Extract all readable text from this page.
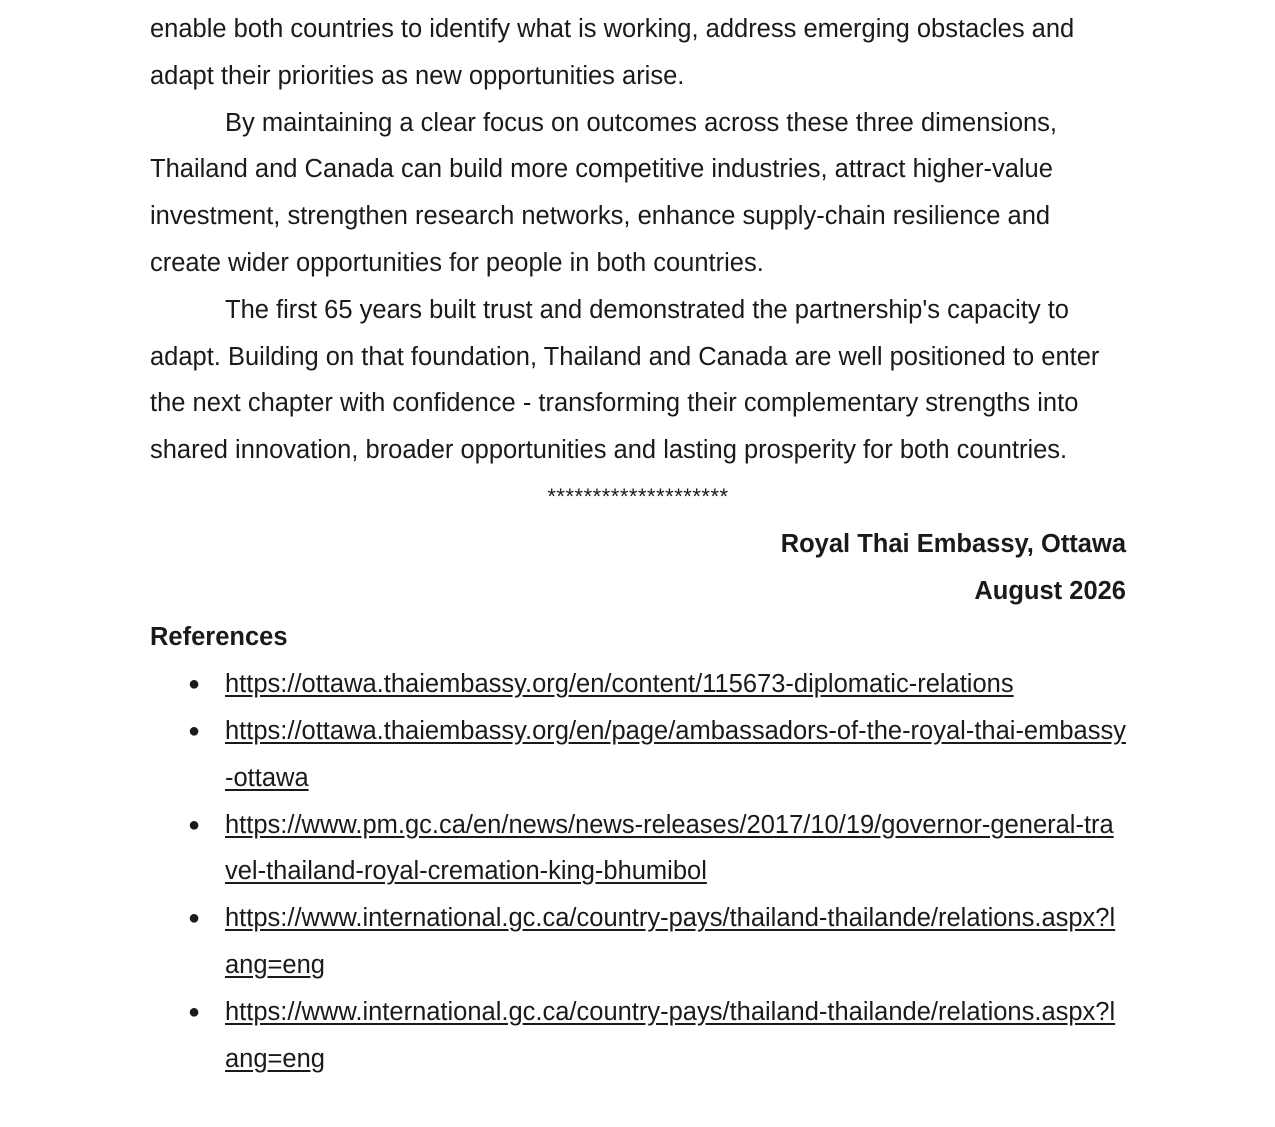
enable both countries to identify what is working, address emerging obstacles and adapt their priorities as new opportunities arise.

By maintaining a clear focus on outcomes across these three dimensions, Thailand and Canada can build more competitive industries, attract higher-value investment, strengthen research networks, enhance supply-chain resilience and create wider opportunities for people in both countries.

The first 65 years built trust and demonstrated the partnership's capacity to adapt. Building on that foundation, Thailand and Canada are well positioned to enter the next chapter with confidence - transforming their complementary strengths into shared innovation, broader opportunities and lasting prosperity for both countries.

********************

Royal Thai Embassy, Ottawa

August 2026

References

● https://ottawa.thaiembassy.org/en/content/115673-diplomatic-relations
● https://ottawa.thaiembassy.org/en/page/ambassadors-of-the-royal-thai-embassy-ottawa
● https://www.pm.gc.ca/en/news/news-releases/2017/10/19/governor-general-travel-thailand-royal-cremation-king-bhumibol
● https://www.international.gc.ca/country-pays/thailand-thailande/relations.aspx?lang=eng
● https://www.international.gc.ca/country-pays/thailand-thailande/relations.aspx?lang=eng
